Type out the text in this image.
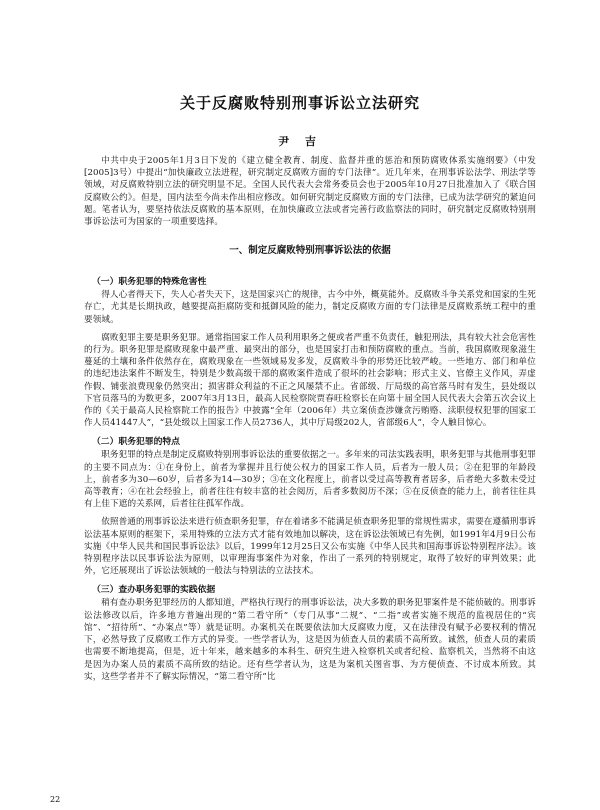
关于反腐败特别刑事诉讼立法研究
尹 吉

中共中央于2005年1月3日下发的《建立健全教育、制度、监督并重的惩治和预防腐败体系实施纲要》（中发[2005]3号）中提出“加快廉政立法进程，研究制定反腐败方面的专门法律”。近几年来，在刑事诉讼法学、刑法学等领域，对反腐败特别立法的研究明显不足。全国人民代表大会常务委员会也于2005年10月27日批准加入了《联合国反腐败公约》。但是，国内法至今尚未作出相应修改。如何研究制定反腐败方面的专门法律，已成为法学研究的紧迫问题。笔者认为，要坚持依法反腐败的基本原则，在加快廉政立法或者完善行政监察法的同时，研究制定反腐败特别刑事诉讼法可为国家的一项重要选择。

一、制定反腐败特别刑事诉讼法的依据
（一）职务犯罪的特殊危害性

得人心者得天下，失人心者失天下，这是国家兴亡的规律，古今中外，概莫能外。反腐败斗争关系党和国家的生死存亡，尤其是长期执政，越要提高拒腐防变和抵御风险的能力，制定反腐败方面的专门法律是反腐败系统工程中的重要领域。

腐败犯罪主要是职务犯罪。通常指国家工作人员利用职务之便或者严重不负责任，触犯刑法，具有较大社会危害性的行为。职务犯罪是腐败现象中最严重、最突出的部分，也是国家打击和预防腐败的重点。当前，我国腐败现象滋生蔓延的土壤和条件依然存在，腐败现象在一些领域易发多发，反腐败斗争的形势还比较严峻。一些地方、部门和单位的违纪违法案件不断发生，特别是少数高级干部的腐败案件造成了很坏的社会影响；形式主义、官僚主义作风，弄虚作假、铺张浪费现象仍然突出；损害群众利益的不正之风屡禁不止。省部级、厅局级的高官落马时有发生，县处级以下官员落马的为数更多，2007年3月13日，最高人民检察院贾春旺检察长在向第十届全国人民代表大会第五次会议上作的《关于最高人民检察院工作的报告》中披露“全年（2006年）共立案侦查涉嫌贪污贿赂、渎职侵权犯罪的国家工作人员41447人”，“县处级以上国家工作人员2736人，其中厅局级202人，省部级6人”，令人触目惊心。

（二）职务犯罪的特点

职务犯罪的特点是制定反腐败特别刑事诉讼法的重要依据之一。多年来的司法实践表明，职务犯罪与其他刑事犯罪的主要不同点为：①在身份上，前者为掌握并且行使公权力的国家工作人员，后者为一般人员；②在犯罪的年龄段上，前者多为30—60岁，后者多为14—30岁；③在文化程度上，前者以受过高等教育者居多，后者绝大多数未受过高等教育；④在社会经验上，前者往往有较丰富的社会阅历，后者多数阅历不深；⑤在反侦查的能力上，前者往往具有上佳下遮的关系网，后者往往孤军作战。

依照普通的刑事诉讼法来进行侦查职务犯罪，存在着诸多不能满足侦查职务犯罪的常规性需求，需要在遵循刑事诉讼法基本原则的框架下，采用特殊的立法方式才能有效地加以解决，这在诉讼法领域已有先例，如1991年4月9日公布实施《中华人民共和国民事诉讼法》以后，1999年12月25日又公布实施《中华人民共和国海事诉讼特别程序法》。该特别程序法以民事诉讼法为原则，以审理海事案件为对象，作出了一系列的特别规定，取得了较好的审判效果；此外，它还展现出了诉讼法领域的一般法与特别法的立法技术。

（三）查办职务犯罪的实践依据

稍有查办职务犯罪经历的人都知道，严格执行现行的刑事诉讼法，决大多数的职务犯罪案件是不能侦破的。刑事诉讼法修改以后，许多地方普遍出现的“第二看守所”（专门从事“二规”、“二指”或者实施不规范的监视居住的“宾馆”、“招待所”、“办案点”等）就是证明。办案机关在既要依法加大反腐败力度，又在法律没有赋予必要权利的情况下，必然导致了反腐败工作方式的异变。一些学者认为，这是因为侦查人员的素质不高所致。诚然，侦查人员的素质也需要不断地提高，但是，近十年来，越来越多的本科生、研究生进入检察机关或者纪检、监察机关，当然将不由这是因为办案人员的素质不高所致的结论。还有些学者认为，这是为案机关图省事、为方便侦查、不讨成本所致。其实，这些学者并不了解实际情况，“第二看守所”比

22
